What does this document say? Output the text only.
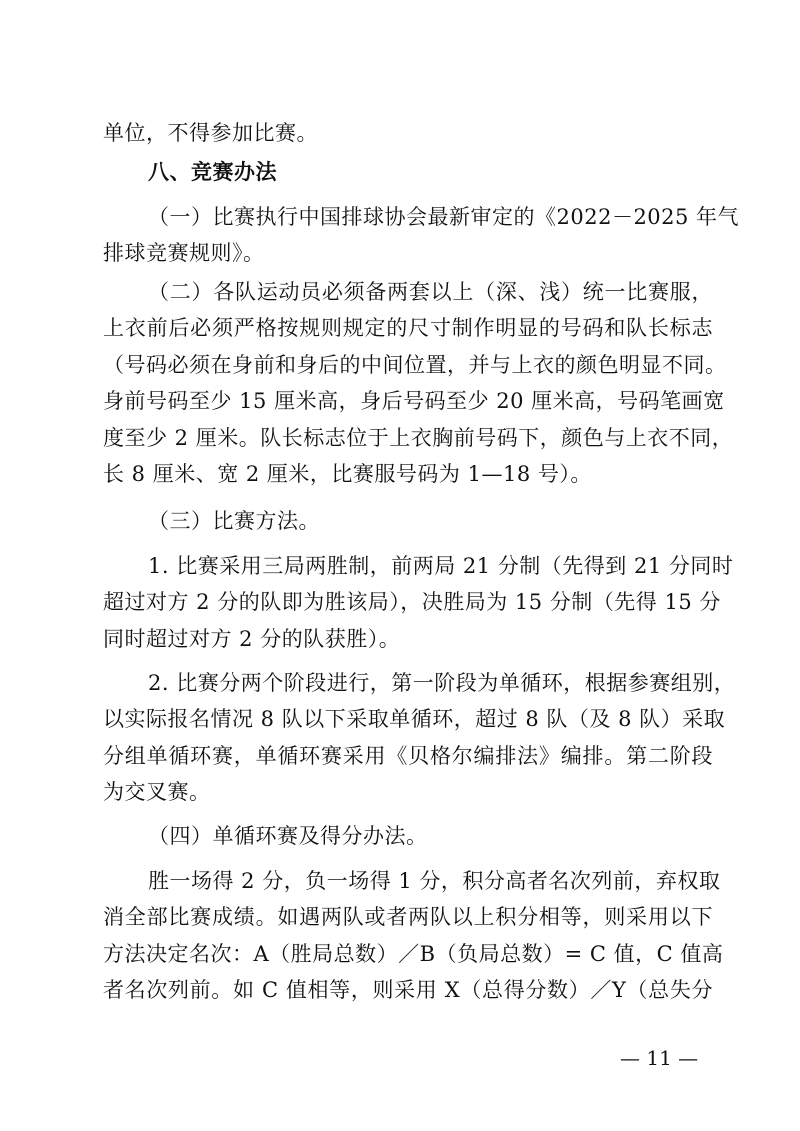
单位，不得参加比赛。
八、竞赛办法
（一）比赛执行中国排球协会最新审定的《2022－2025 年气
排球竞赛规则》。
（二）各队运动员必须备两套以上（深、浅）统一比赛服，
上衣前后必须严格按规则规定的尺寸制作明显的号码和队长标志
（号码必须在身前和身后的中间位置，并与上衣的颜色明显不同。
身前号码至少 15 厘米高，身后号码至少 20 厘米高，号码笔画宽
度至少 2 厘米。队长标志位于上衣胸前号码下，颜色与上衣不同，
长 8 厘米、宽 2 厘米，比赛服号码为 1—18 号）。
（三）比赛方法。
1. 比赛采用三局两胜制，前两局 21 分制（先得到 21 分同时
超过对方 2 分的队即为胜该局），决胜局为 15 分制（先得 15 分
同时超过对方 2 分的队获胜）。
2. 比赛分两个阶段进行，第一阶段为单循环，根据参赛组别，
以实际报名情况 8 队以下采取单循环，超过 8 队（及 8 队）采取
分组单循环赛，单循环赛采用《贝格尔编排法》编排。第二阶段
为交叉赛。
（四）单循环赛及得分办法。
胜一场得 2 分，负一场得 1 分，积分高者名次列前，弃权取
消全部比赛成绩。如遇两队或者两队以上积分相等，则采用以下
方法决定名次：A（胜局总数）／B（负局总数）= C 值，C 值高
者名次列前。如 C 值相等，则采用 X（总得分数）／Y（总失分
— 11 —
